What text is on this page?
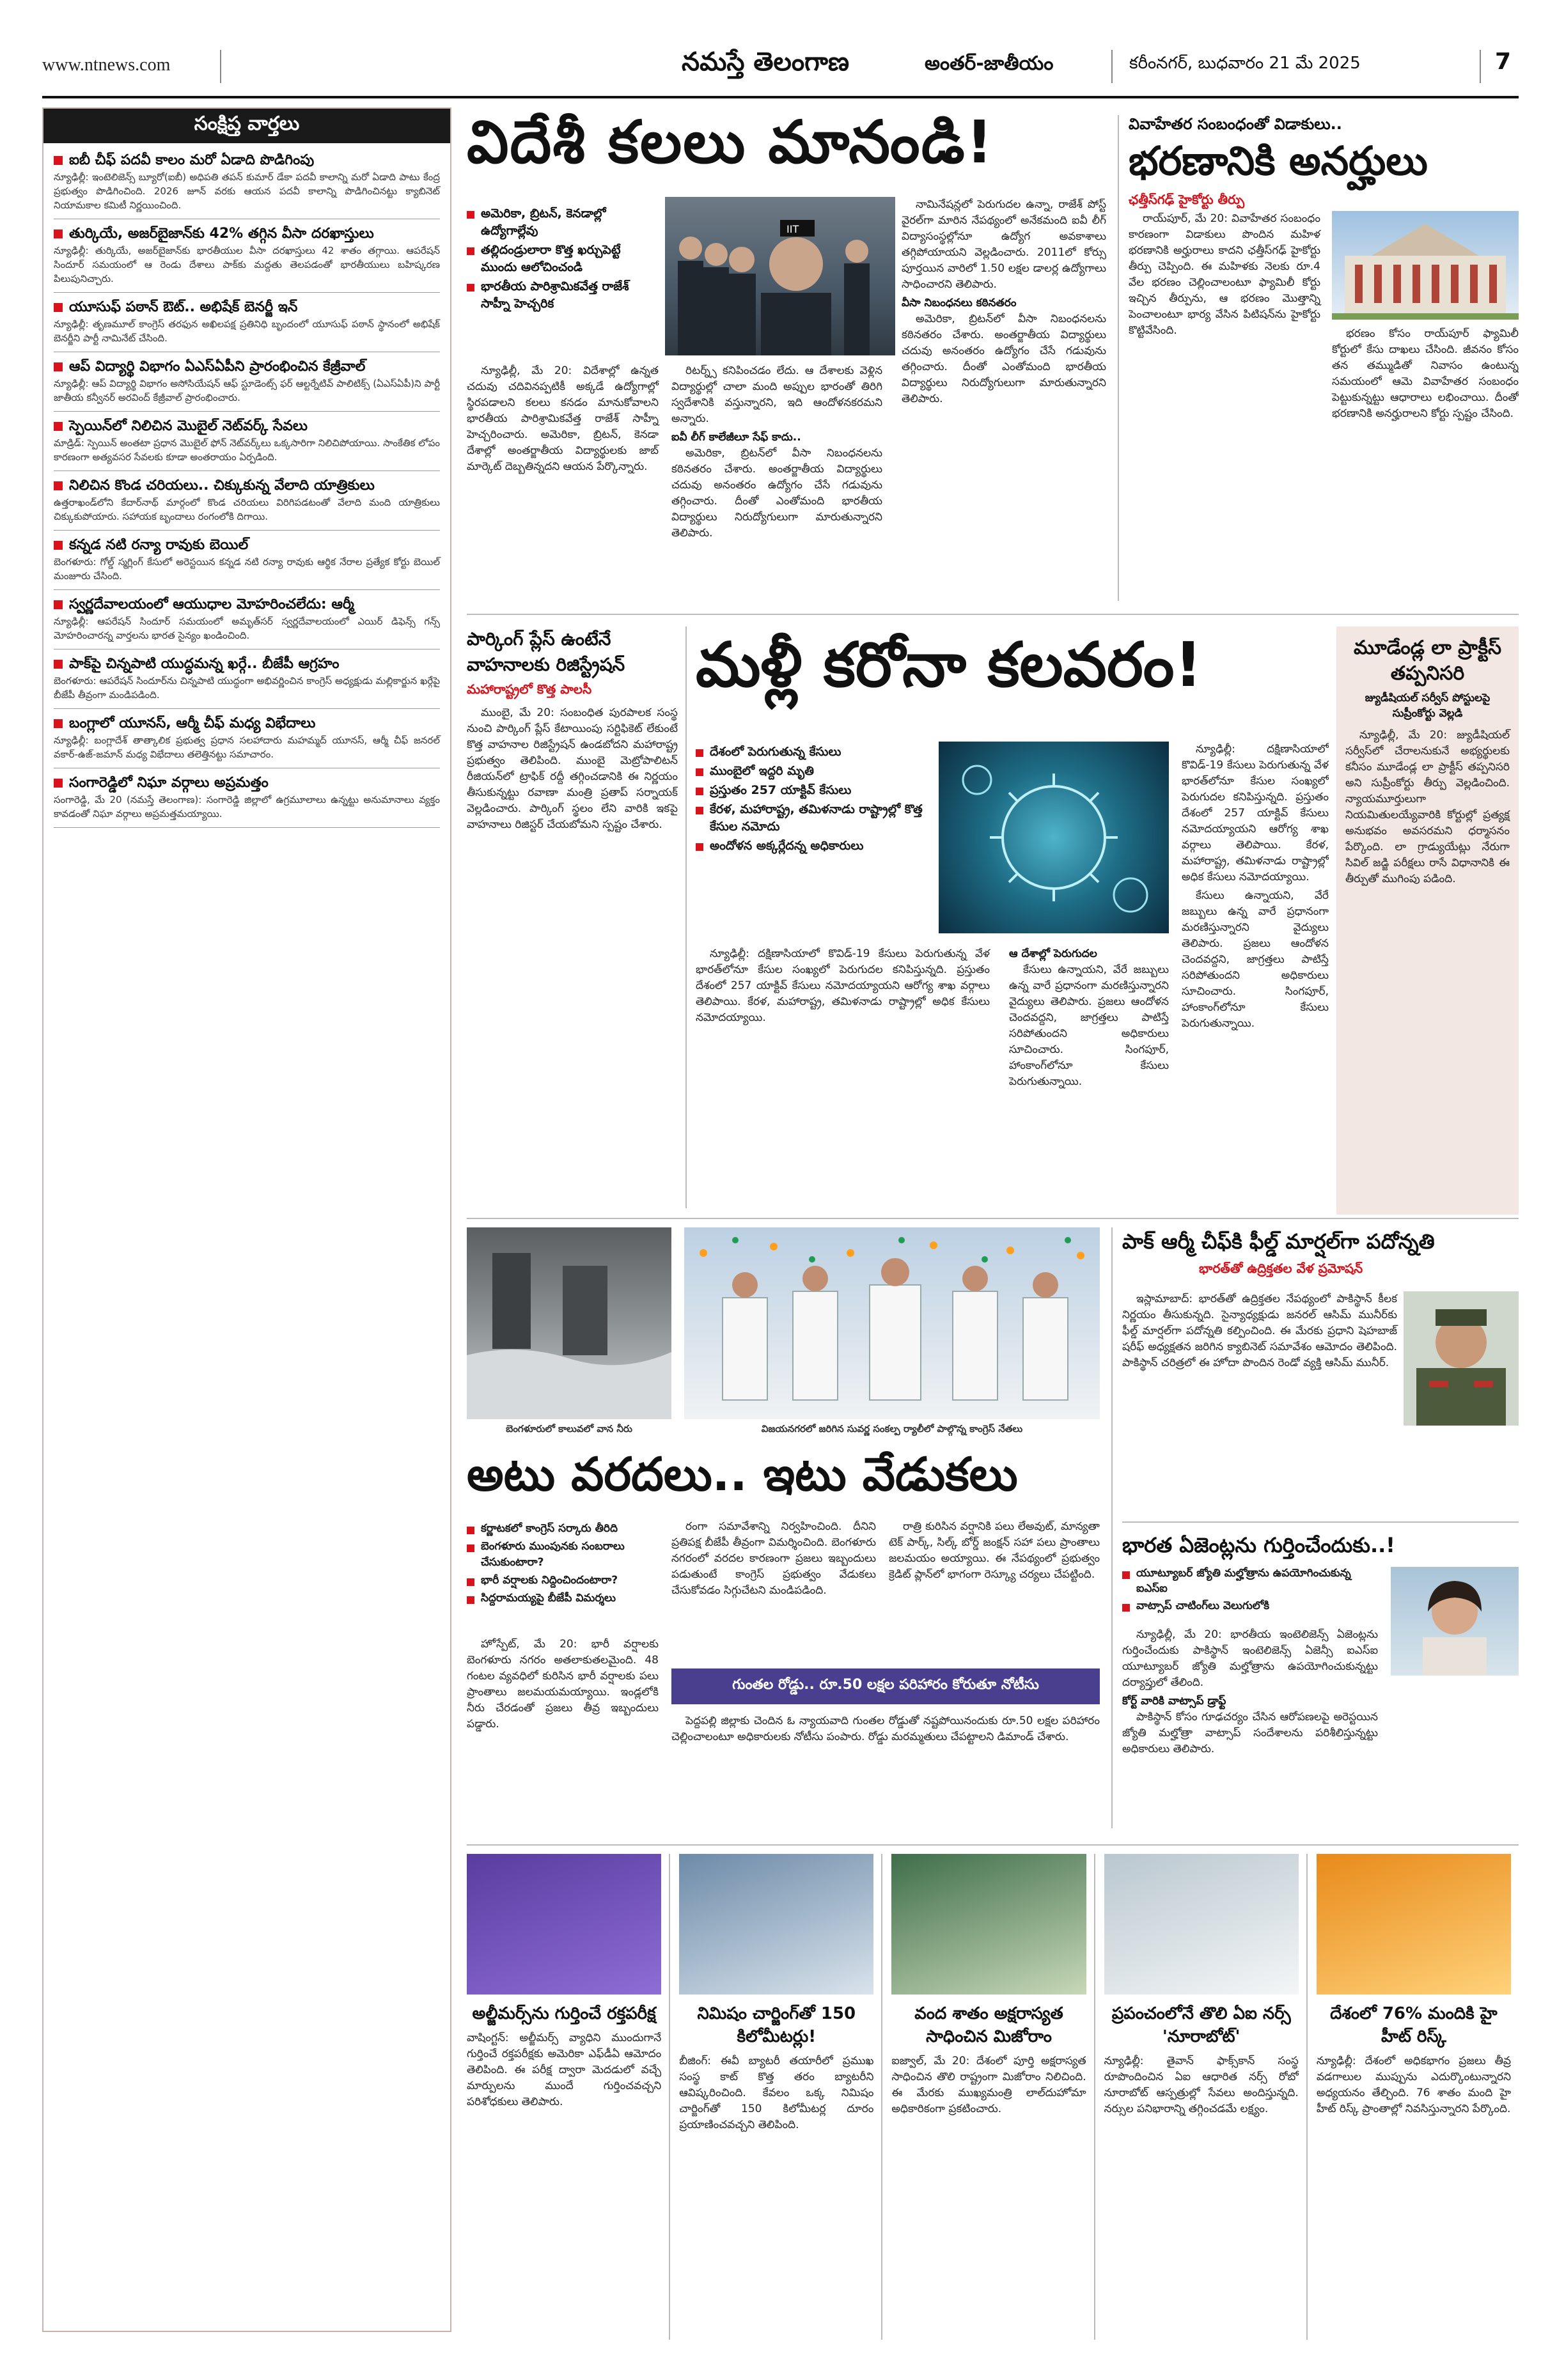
www.ntnews.com	నమస్తే తెలంగాణ	అంతర్‌-జాతీయం	కరీంనగర్‌, బుధవారం 21 మే 2025	7
సంక్షిప్త వార్తలు
ఐబీ చీఫ్‌ పదవీ కాలం మరో ఏడాది పొడిగింపు
న్యూఢిల్లీ: ఇంటెలిజెన్స్‌ బ్యూరో(ఐబీ) అధిపతి తపన్‌ కుమార్‌ డేకా పదవీ కాలాన్ని మరో ఏడాది పాటు కేంద్ర ప్రభుత్వం పొడిగించింది. 2026 జూన్‌ వరకు ఆయన పదవీ కాలాన్ని పొడిగించినట్టు క్యాబినెట్‌ నియామకాల కమిటీ నిర్ణయించింది.
తుర్కియే, అజర్‌బైజాన్‌కు 42% తగ్గిన వీసా దరఖాస్తులు
న్యూఢిల్లీ: తుర్కియే, అజర్‌బైజాన్‌కు భారతీయుల వీసా దరఖాస్తులు 42 శాతం తగ్గాయి. ఆపరేషన్‌ సిందూర్‌ సమయంలో ఆ రెండు దేశాలు పాక్‌కు మద్దతు తెలపడంతో భారతీయులు బహిష్కరణ పిలుపునిచ్చారు.
యూసుఫ్‌ పఠాన్‌ ఔట్‌.. అభిషేక్‌ బెనర్జీ ఇన్‌
న్యూఢిల్లీ: తృణమూల్‌ కాంగ్రెస్‌ తరఫున అఖిలపక్ష ప్రతినిధి బృందంలో యూసుఫ్‌ పఠాన్‌ స్థానంలో అభిషేక్‌ బెనర్జీని పార్టీ నామినేట్‌ చేసింది.
ఆప్‌ విద్యార్థి విభాగం ఏఎస్‌ఏపీని ప్రారంభించిన కేజ్రీవాల్‌
న్యూఢిల్లీ: ఆప్‌ విద్యార్థి విభాగం అసోసియేషన్‌ ఆఫ్‌ స్టూడెంట్స్‌ ఫర్‌ ఆల్టర్నేటివ్‌ పాలిటిక్స్‌ (ఏఎస్‌ఏపీ)ని పార్టీ జాతీయ కన్వీనర్‌ అరవింద్‌ కేజ్రీవాల్‌ ప్రారంభించారు.
స్పెయిన్‌లో నిలిచిన మొబైల్‌ నెట్‌వర్క్‌ సేవలు
మాడ్రిడ్‌: స్పెయిన్‌ అంతటా ప్రధాన మొబైల్‌ ఫోన్‌ నెట్‌వర్క్‌లు ఒక్కసారిగా నిలిచిపోయాయి. సాంకేతిక లోపం కారణంగా అత్యవసర సేవలకు కూడా అంతరాయం ఏర్పడింది.
నిలిచిన కొండ చరియలు.. చిక్కుకున్న వేలాది యాత్రికులు
ఉత్తరాఖండ్‌లోని కేదార్‌నాథ్‌ మార్గంలో కొండ చరియలు విరిగిపడటంతో వేలాది మంది యాత్రికులు చిక్కుకుపోయారు. సహాయక బృందాలు రంగంలోకి దిగాయి.
కన్నడ నటి రన్యా రావుకు బెయిల్‌
బెంగళూరు: గోల్డ్‌ స్మగ్లింగ్‌ కేసులో అరెస్టయిన కన్నడ నటి రన్యా రావుకు ఆర్థిక నేరాల ప్రత్యేక కోర్టు బెయిల్‌ మంజూరు చేసింది.
స్వర్ణదేవాలయంలో ఆయుధాల మోహరించలేదు: ఆర్మీ
న్యూఢిల్లీ: ఆపరేషన్‌ సిందూర్‌ సమయంలో అమృత్‌సర్‌ స్వర్ణదేవాలయంలో ఎయిర్‌ డిఫెన్స్‌ గన్స్‌ మోహరించారన్న వార్తలను భారత సైన్యం ఖండించింది.
పాక్‌పై చిన్నపాటి యుద్ధమన్న ఖర్గే.. బీజేపీ ఆగ్రహం
బెంగళూరు: ఆపరేషన్‌ సిందూర్‌ను చిన్నపాటి యుద్ధంగా అభివర్ణించిన కాంగ్రెస్‌ అధ్యక్షుడు మల్లికార్జున ఖర్గేపై బీజేపీ తీవ్రంగా మండిపడింది.
బంగ్లాలో యూనస్‌, ఆర్మీ చీఫ్‌ మధ్య విభేదాలు
న్యూఢిల్లీ: బంగ్లాదేశ్‌ తాత్కాలిక ప్రభుత్వ ప్రధాన సలహాదారు మహమ్మద్‌ యూనస్‌, ఆర్మీ చీఫ్‌ జనరల్‌ వకార్‌-ఉజ్‌-జమాన్‌ మధ్య విభేదాలు తలెత్తినట్టు సమాచారం.
సంగారెడ్డిలో నిఘా వర్గాలు అప్రమత్తం
సంగారెడ్డి, మే 20 (నమస్తే తెలంగాణ): సంగారెడ్డి జిల్లాలో ఉగ్రమూలాలు ఉన్నట్టు అనుమానాలు వ్యక్తం కావడంతో నిఘా వర్గాలు అప్రమత్తమయ్యాయి.
విదేశీ కలలు మానండి!
అమెరికా, బ్రిటన్‌, కెనడాల్లో ఉద్యోగాల్లేవు
తల్లిదండ్రులారా కొత్త ఖర్చుపెట్టే ముందు ఆలోచించండి
భారతీయ పారిశ్రామికవేత్త రాజేశ్‌ సాహ్నీ హెచ్చరిక
IIT

న్యూఢిల్లీ, మే 20: విదేశాల్లో ఉన్నత చదువు చదివినప్పటికీ అక్కడే ఉద్యోగాల్లో స్థిరపడాలని కలలు కనడం మానుకోవాలని భారతీయ పారిశ్రామికవేత్త రాజేశ్‌ సాహ్నీ హెచ్చరించారు. అమెరికా, బ్రిటన్‌, కెనడా దేశాల్లో అంతర్జాతీయ విద్యార్థులకు జాబ్‌ మార్కెట్‌ దెబ్బతిన్నదని ఆయన పేర్కొన్నారు.

రిటర్న్స్‌ కనిపించడం లేదు. ఆ దేశాలకు వెళ్లిన విద్యార్థుల్లో చాలా మంది అప్పుల భారంతో తిరిగి స్వదేశానికి వస్తున్నారని, ఇది ఆందోళనకరమని అన్నారు.

ఐవీ లీగ్‌ కాలేజీలూ సేఫ్‌ కాదు..

అమెరికా, బ్రిటన్‌లో వీసా నిబంధనలను కఠినతరం చేశారు. అంతర్జాతీయ విద్యార్థులు చదువు అనంతరం ఉద్యోగం చేసే గడువును తగ్గించారు. దీంతో ఎంతోమంది భారతీయ విద్యార్థులు నిరుద్యోగులుగా మారుతున్నారని తెలిపారు.

నామినేషన్లలో పెరుగుదల ఉన్నా, రాజేశ్‌ పోస్ట్‌ వైరల్‌గా మారిన నేపథ్యంలో అనేకమంది ఐవీ లీగ్‌ విద్యాసంస్థల్లోనూ ఉద్యోగ అవకాశాలు తగ్గిపోయాయని వెల్లడించారు. 2011లో కోర్సు పూర్తయిన వారిలో 1.50 లక్షల డాలర్ల ఉద్యోగాలు సాధించారని తెలిపారు.

వీసా నిబంధనలు కఠినతరం

అమెరికా, బ్రిటన్‌లో వీసా నిబంధనలను కఠినతరం చేశారు. అంతర్జాతీయ విద్యార్థులు చదువు అనంతరం ఉద్యోగం చేసే గడువును తగ్గించారు. దీంతో ఎంతోమంది భారతీయ విద్యార్థులు నిరుద్యోగులుగా మారుతున్నారని తెలిపారు.

వివాహేతర సంబంధంతో విడాకులు..
భరణానికి అనర్హులు
ఛత్తీస్‌గఢ్‌ హైకోర్టు తీర్పు

రాయ్‌పూర్‌, మే 20: వివాహేతర సంబంధం కారణంగా విడాకులు పొందిన మహిళ భరణానికి అర్హురాలు కాదని ఛత్తీస్‌గఢ్‌ హైకోర్టు తీర్పు చెప్పింది. ఈ మహిళకు నెలకు రూ.4 వేల భరణం చెల్లించాలంటూ ఫ్యామిలీ కోర్టు ఇచ్చిన తీర్పును, ఆ భరణం మొత్తాన్ని పెంచాలంటూ భార్య వేసిన పిటిషన్‌ను హైకోర్టు కొట్టివేసింది.	భరణం కోసం రాయ్‌పూర్‌ ఫ్యామిలీ కోర్టులో కేసు దాఖలు చేసింది. జీవనం కోసం తన తమ్ముడితో నివాసం ఉంటున్న సమయంలో ఆమె వివాహేతర సంబంధం పెట్టుకున్నట్టు ఆధారాలు లభించాయి. దీంతో భరణానికి అనర్హురాలని కోర్టు స్పష్టం చేసింది.

పార్కింగ్‌ ప్లేస్‌ ఉంటేనే వాహనాలకు రిజిస్ట్రేషన్‌
మహారాష్ట్రలో కొత్త పాలసీ

ముంబై, మే 20: సంబంధిత పురపాలక సంస్థ నుంచి పార్కింగ్‌ ప్లేస్‌ కేటాయింపు సర్టిఫికెట్‌ లేకుంటే కొత్త వాహనాల రిజిస్ట్రేషన్‌ ఉండబోదని మహారాష్ట్ర ప్రభుత్వం తెలిపింది. ముంబై మెట్రోపాలిటన్‌ రీజియన్‌లో ట్రాఫిక్‌ రద్దీ తగ్గించడానికి ఈ నిర్ణయం తీసుకున్నట్టు రవాణా మంత్రి ప్రతాప్‌ సర్నాయక్‌ వెల్లడించారు. పార్కింగ్‌ స్థలం లేని వారికి ఇకపై వాహనాలు రిజిస్టర్‌ చేయబోమని స్పష్టం చేశారు.

మళ్లీ కరోనా కలవరం!
దేశంలో పెరుగుతున్న కేసులు
ముంబైలో ఇద్దరి మృతి
ప్రస్తుతం 257 యాక్టివ్‌ కేసులు
కేరళ, మహారాష్ట్ర, తమిళనాడు రాష్ట్రాల్లో కొత్త కేసుల నమోదు
అందోళన అక్కర్లేదన్న అధికారులు

న్యూఢిల్లీ: దక్షిణాసియాలో కొవిడ్‌-19 కేసులు పెరుగుతున్న వేళ భారత్‌లోనూ కేసుల సంఖ్యలో పెరుగుదల కనిపిస్తున్నది. ప్రస్తుతం దేశంలో 257 యాక్టివ్‌ కేసులు నమోదయ్యాయని ఆరోగ్య శాఖ వర్గాలు తెలిపాయి. కేరళ, మహారాష్ట్ర, తమిళనాడు రాష్ట్రాల్లో అధిక కేసులు నమోదయ్యాయి.

ఆ దేశాల్లో పెరుగుదల

కేసులు ఉన్నాయని, వేరే జబ్బులు ఉన్న వారే ప్రధానంగా మరణిస్తున్నారని వైద్యులు తెలిపారు. ప్రజలు ఆందోళన చెందవద్దని, జాగ్రత్తలు పాటిస్తే సరిపోతుందని అధికారులు సూచించారు. సింగపూర్‌, హాంకాంగ్‌లోనూ కేసులు పెరుగుతున్నాయి.

న్యూఢిల్లీ: దక్షిణాసియాలో కొవిడ్‌-19 కేసులు పెరుగుతున్న వేళ భారత్‌లోనూ కేసుల సంఖ్యలో పెరుగుదల కనిపిస్తున్నది. ప్రస్తుతం దేశంలో 257 యాక్టివ్‌ కేసులు నమోదయ్యాయని ఆరోగ్య శాఖ వర్గాలు తెలిపాయి. కేరళ, మహారాష్ట్ర, తమిళనాడు రాష్ట్రాల్లో అధిక కేసులు నమోదయ్యాయి.

కేసులు ఉన్నాయని, వేరే జబ్బులు ఉన్న వారే ప్రధానంగా మరణిస్తున్నారని వైద్యులు తెలిపారు. ప్రజలు ఆందోళన చెందవద్దని, జాగ్రత్తలు పాటిస్తే సరిపోతుందని అధికారులు సూచించారు. సింగపూర్‌, హాంకాంగ్‌లోనూ కేసులు పెరుగుతున్నాయి.

మూడేండ్ల లా ప్రాక్టీస్‌ తప్పనిసరి
జ్యుడీషియల్‌ సర్వీస్‌ పోస్టులపై సుప్రీంకోర్టు వెల్లడి

న్యూఢిల్లీ, మే 20: జ్యుడీషియల్‌ సర్వీస్‌లో చేరాలనుకునే అభ్యర్థులకు కనీసం మూడేండ్ల లా ప్రాక్టీస్‌ తప్పనిసరి అని సుప్రీంకోర్టు తీర్పు వెల్లడించింది. న్యాయమూర్తులుగా నియమితులయ్యేవారికి కోర్టుల్లో ప్రత్యక్ష అనుభవం అవసరమని ధర్మాసనం పేర్కొంది. లా గ్రాడ్యుయేట్లు నేరుగా సివిల్‌ జడ్జి పరీక్షలు రాసే విధానానికి ఈ తీర్పుతో ముగింపు పడింది.

బెంగళూరులో కాలువలో వాన నీరు	విజయనగరలో జరిగిన సువర్ణ సంకల్ప ర్యాలీలో పాల్గొన్న కాంగ్రెస్‌ నేతలు
అటు వరదలు.. ఇటు వేడుకలు
కర్ణాటకలో కాంగ్రెస్‌ సర్కారు తీరిది
బెంగళూరు ముంపునకు సంబరాలు చేసుకుంటారా?
భారీ వర్షాలకు నిద్దించిందంటారా?
సిద్దరామయ్యపై బీజేపీ విమర్శలు

హోస్పేట్‌, మే 20: భారీ వర్షాలకు బెంగళూరు నగరం అతలాకుతలమైంది. 48 గంటల వ్యవధిలో కురిసిన భారీ వర్షాలకు పలు ప్రాంతాలు జలమయమయ్యాయి. ఇండ్లలోకి నీరు చేరడంతో ప్రజలు తీవ్ర ఇబ్బందులు పడ్డారు.

రంగా సమావేశాన్ని నిర్వహించింది. దీనిని ప్రతిపక్ష బీజేపీ తీవ్రంగా విమర్శించింది. బెంగళూరు నగరంలో వరదల కారణంగా ప్రజలు ఇబ్బందులు పడుతుంటే కాంగ్రెస్‌ ప్రభుత్వం వేడుకలు చేసుకోవడం సిగ్గుచేటని మండిపడింది.

రాత్రి కురిసిన వర్షానికి పలు లేఅవుట్‌, మాన్యతా టెక్‌ పార్క్‌, సిల్క్‌ బోర్డ్‌ జంక్షన్‌ సహా పలు ప్రాంతాలు జలమయం అయ్యాయి. ఈ నేపథ్యంలో ప్రభుత్వం క్రెడిట్‌ ప్లాన్‌లో భాగంగా రెస్క్యూ చర్యలు చేపట్టింది.

గుంతల రోడ్డు.. రూ.50 లక్షల పరిహారం కోరుతూ నోటీసు

పెద్దపల్లి జిల్లాకు చెందిన ఓ న్యాయవాది గుంతల రోడ్డుతో నష్టపోయినందుకు రూ.50 లక్షల పరిహారం చెల్లించాలంటూ అధికారులకు నోటీసు పంపారు. రోడ్డు మరమ్మతులు చేపట్టాలని డిమాండ్‌ చేశారు.

పాక్‌ ఆర్మీ చీఫ్‌కి ఫీల్డ్‌ మార్షల్‌గా పదోన్నతి
భారత్‌తో ఉద్రిక్తతల వేళ ప్రమోషన్‌

ఇస్లామాబాద్‌: భారత్‌తో ఉద్రిక్తతల నేపథ్యంలో పాకిస్థాన్‌ కీలక నిర్ణయం తీసుకున్నది. సైన్యాధ్యక్షుడు జనరల్‌ ఆసిమ్‌ మునీర్‌కు ఫీల్డ్‌ మార్షల్‌గా పదోన్నతి కల్పించింది. ఈ మేరకు ప్రధాని షెహబాజ్‌ షరీఫ్‌ అధ్యక్షతన జరిగిన క్యాబినెట్‌ సమావేశం ఆమోదం తెలిపింది. పాకిస్థాన్‌ చరిత్రలో ఈ హోదా పొందిన రెండో వ్యక్తి ఆసిమ్‌ మునీర్‌.

భారత ఏజెంట్లను గుర్తించేందుకు..!
యూట్యూబర్‌ జ్యోతి మల్హోత్రాను ఉపయోగించుకున్న ఐఎస్‌ఐ
వాట్సాప్‌ చాటింగ్‌లు వెలుగులోకి

న్యూఢిల్లీ, మే 20: భారతీయ ఇంటెలిజెన్స్‌ ఏజెంట్లను గుర్తించేందుకు పాకిస్థాన్‌ ఇంటెలిజెన్స్‌ ఏజెన్సీ ఐఎస్‌ఐ యూట్యూబర్‌ జ్యోతి మల్హోత్రాను ఉపయోగించుకున్నట్టు దర్యాప్తులో తేలింది.

కోర్ట్‌ వారికి వాట్సాప్‌ డ్రాఫ్ట్‌

పాకిస్థాన్‌ కోసం గూఢచర్యం చేసిన ఆరోపణలపై అరెస్టయిన జ్యోతి మల్హోత్రా వాట్సాప్‌ సందేశాలను పరిశీలిస్తున్నట్టు అధికారులు తెలిపారు.

అల్జీమర్స్‌ను గుర్తించే రక్తపరీక్ష
వాషింగ్టన్‌: అల్జీమర్స్‌ వ్యాధిని ముందుగానే గుర్తించే రక్తపరీక్షకు అమెరికా ఎఫ్‌డీఏ ఆమోదం తెలిపింది. ఈ పరీక్ష ద్వారా మెదడులో వచ్చే మార్పులను ముందే గుర్తించవచ్చని పరిశోధకులు తెలిపారు.
నిమిషం చార్జింగ్‌తో 150 కిలోమీటర్లు!
బీజింగ్‌: ఈవీ బ్యాటరీ తయారీలో ప్రముఖ సంస్థ కాట్‌ కొత్త తరం బ్యాటరీని ఆవిష్కరించింది. కేవలం ఒక్క నిమిషం చార్జింగ్‌తో 150 కిలోమీటర్ల దూరం ప్రయాణించవచ్చని తెలిపింది.
వంద శాతం అక్షరాస్యత సాధించిన మిజోరాం
ఐజ్వాల్‌, మే 20: దేశంలో పూర్తి అక్షరాస్యత సాధించిన తొలి రాష్ట్రంగా మిజోరాం నిలిచింది. ఈ మేరకు ముఖ్యమంత్రి లాల్‌దుహోమా అధికారికంగా ప్రకటించారు.
ప్రపంచంలోనే తొలి ఏఐ నర్స్‌ 'నూరాబోట్‌'
న్యూఢిల్లీ: తైవాన్‌ ఫాక్స్‌కాన్‌ సంస్థ రూపొందించిన ఏఐ ఆధారిత నర్స్‌ రోబో నూరాబోట్‌ ఆస్పత్రుల్లో సేవలు అందిస్తున్నది. నర్సుల పనిభారాన్ని తగ్గించడమే లక్ష్యం.
దేశంలో 76% మందికి హై హీట్‌ రిస్క్‌
న్యూఢిల్లీ: దేశంలో అధికభాగం ప్రజలు తీవ్ర వడగాలుల ముప్పును ఎదుర్కొంటున్నారని అధ్యయనం తేల్చింది. 76 శాతం మంది హై హీట్‌ రిస్క్‌ ప్రాంతాల్లో నివసిస్తున్నారని పేర్కొంది.
